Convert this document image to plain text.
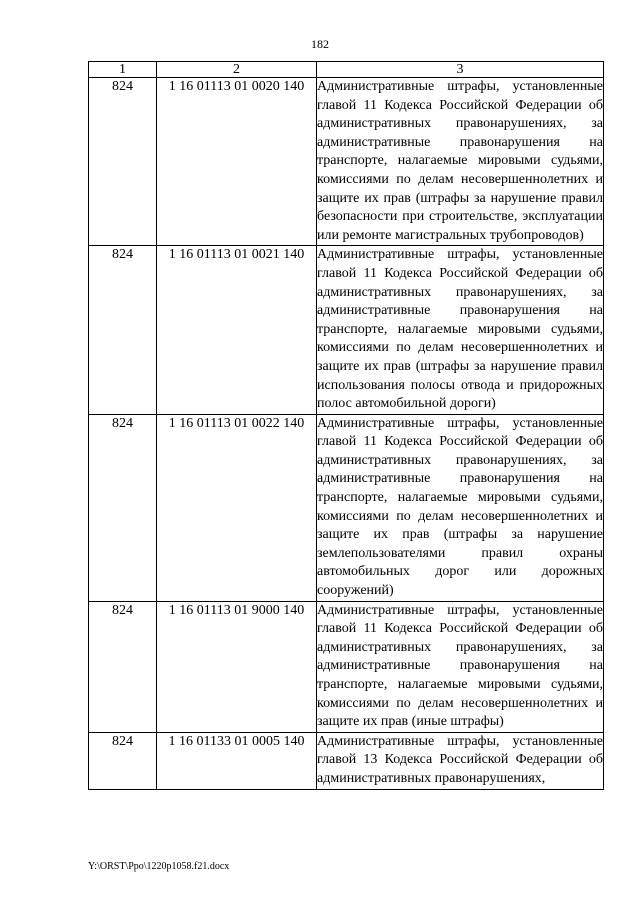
182
1	2	3
824	1 16 01113 01 0020 140	Административные штрафы, установленные главой 11 Кодекса Российской Федерации об административных правонарушениях, за административные правонарушения на транспорте, налагаемые мировыми судьями, комиссиями по делам несовершеннолетних и защите их прав (штрафы за нарушение правил безопасности при строительстве, эксплуатации или ремонте магистральных трубопроводов)

824	1 16 01113 01 0021 140	Административные штрафы, установленные главой 11 Кодекса Российской Федерации об административных правонарушениях, за административные правонарушения на транспорте, налагаемые мировыми судьями, комиссиями по делам несовершеннолетних и защите их прав (штрафы за нарушение правил использования полосы отвода и придорожных полос автомобильной дороги)

824	1 16 01113 01 0022 140	Административные штрафы, установленные главой 11 Кодекса Российской Федерации об административных правонарушениях, за административные правонарушения на транспорте, налагаемые мировыми судьями, комиссиями по делам несовершеннолетних и защите их прав (штрафы за нарушение землепользователями правил охраны автомобильных дорог или дорожных сооружений)

824	1 16 01113 01 9000 140	Административные штрафы, установленные главой 11 Кодекса Российской Федерации об административных правонарушениях, за административные правонарушения на транспорте, налагаемые мировыми судьями, комиссиями по делам несовершеннолетних и защите их прав (иные штрафы)

824	1 16 01133 01 0005 140	Административные штрафы, установленные главой 13 Кодекса Российской Федерации об административных правонарушениях,
Y:\ORST\Ppo\1220p1058.f21.docx
